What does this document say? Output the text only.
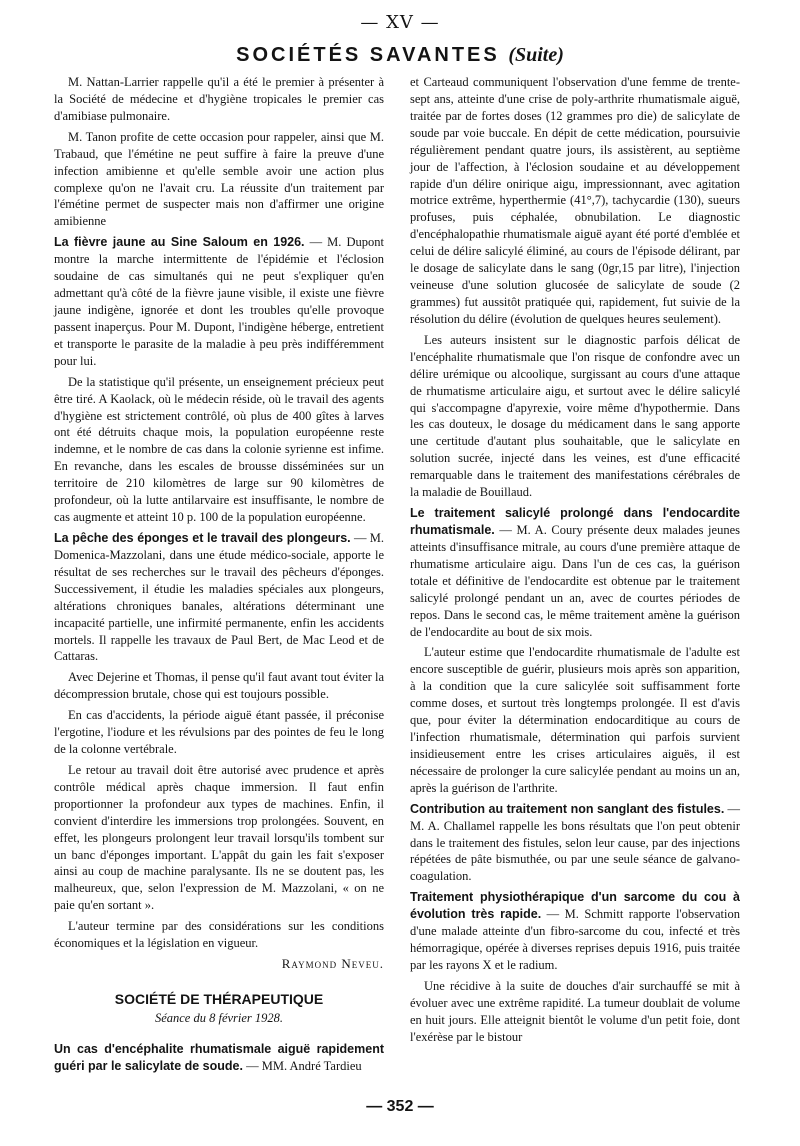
— XV —
SOCIÉTÉS SAVANTES (Suite)

M. Nattan-Larrier rappelle qu'il a été le premier à présenter à la Société de médecine et d'hygiène tropicales le premier cas d'amibiase pulmonaire.

M. Tanon profite de cette occasion pour rappeler, ainsi que M. Trabaud, que l'émétine ne peut suffire à faire la preuve d'une infection amibienne et qu'elle semble avoir une action plus complexe qu'on ne l'avait cru. La réussite d'un traitement par l'émétine permet de suspecter mais non d'affirmer une origine amibienne

La fièvre jaune au Sine Saloum en 1926. — M. Dupont montre la marche intermittente de l'épidémie et l'éclosion soudaine de cas simultanés qui ne peut s'expliquer qu'en admettant qu'à côté de la fièvre jaune visible, il existe une fièvre jaune indigène, ignorée et dont les troubles qu'elle provoque passent inaperçus. Pour M. Dupont, l'indigène héberge, entretient et transporte le parasite de la maladie à peu près indifféremment pour lui.

De la statistique qu'il présente, un enseignement précieux peut être tiré. A Kaolack, où le médecin réside, où le travail des agents d'hygiène est strictement contrôlé, où plus de 400 gîtes à larves ont été détruits chaque mois, la population européenne reste indemne, et le nombre de cas dans la colonie syrienne est infime. En revanche, dans les escales de brousse disséminées sur un territoire de 210 kilomètres de large sur 90 kilomètres de profondeur, où la lutte antilarvaire est insuffisante, le nombre de cas augmente et atteint 10 p. 100 de la population européenne.

La pêche des éponges et le travail des plongeurs. — M. Domenica-Mazzolani, dans une étude médico-sociale, apporte le résultat de ses recherches sur le travail des pêcheurs d'éponges. Successivement, il étudie les maladies spéciales aux plongeurs, altérations chroniques banales, altérations déterminant une incapacité partielle, une infirmité permanente, enfin les accidents mortels. Il rappelle les travaux de Paul Bert, de Mac Leod et de Cattaras.

Avec Dejerine et Thomas, il pense qu'il faut avant tout éviter la décompression brutale, chose qui est toujours possible.

En cas d'accidents, la période aiguë étant passée, il préconise l'ergotine, l'iodure et les révulsions par des pointes de feu le long de la colonne vertébrale.

Le retour au travail doit être autorisé avec prudence et après contrôle médical après chaque immersion. Il faut enfin proportionner la profondeur aux types de machines. Enfin, il convient d'interdire les immersions trop prolongées. Souvent, en effet, les plongeurs prolongent leur travail lorsqu'ils tombent sur un banc d'éponges important. L'appât du gain les fait s'exposer ainsi au coup de machine paralysante. Ils ne se doutent pas, les malheureux, que, selon l'expression de M. Mazzolani, « on ne paie qu'en sortant ».

L'auteur termine par des considérations sur les conditions économiques et la législation en vigueur.

Raymond Neveu.
SOCIÉTÉ DE THÉRAPEUTIQUE
Séance du 8 février 1928.

Un cas d'encéphalite rhumatismale aiguë rapidement guéri par le salicylate de soude. — MM. André Tardieu

et Carteaud communiquent l'observation d'une femme de trente-sept ans, atteinte d'une crise de poly-arthrite rhumatismale aiguë, traitée par de fortes doses (12 grammes pro die) de salicylate de soude par voie buccale. En dépit de cette médication, poursuivie régulièrement pendant quatre jours, ils assistèrent, au septième jour de l'affection, à l'éclosion soudaine et au développement rapide d'un délire onirique aigu, impressionnant, avec agitation motrice extrême, hyperthermie (41°,7), tachycardie (130), sueurs profuses, puis céphalée, obnubilation. Le diagnostic d'encéphalopathie rhumatismale aiguë ayant été porté d'emblée et celui de délire salicylé éliminé, au cours de l'épisode délirant, par le dosage de salicylate dans le sang (0gr,15 par litre), l'injection veineuse d'une solution glucosée de salicylate de soude (2 grammes) fut aussitôt pratiquée qui, rapidement, fut suivie de la résolution du délire (évolution de quelques heures seulement).

Les auteurs insistent sur le diagnostic parfois délicat de l'encéphalite rhumatismale que l'on risque de confondre avec un délire urémique ou alcoolique, surgissant au cours d'une attaque de rhumatisme articulaire aigu, et surtout avec le délire salicylé qui s'accompagne d'apyrexie, voire même d'hypothermie. Dans les cas douteux, le dosage du médicament dans le sang apporte une certitude d'autant plus souhaitable, que le salicylate en solution sucrée, injecté dans les veines, est d'une efficacité remarquable dans le traitement des manifestations cérébrales de la maladie de Bouillaud.

Le traitement salicylé prolongé dans l'endocardite rhumatismale. — M. A. Coury présente deux malades jeunes atteints d'insuffisance mitrale, au cours d'une première attaque de rhumatisme articulaire aigu. Dans l'un de ces cas, la guérison totale et définitive de l'endocardite est obtenue par le traitement salicylé prolongé pendant un an, avec de courtes périodes de repos. Dans le second cas, le même traitement amène la guérison de l'endocardite au bout de six mois.

L'auteur estime que l'endocardite rhumatismale de l'adulte est encore susceptible de guérir, plusieurs mois après son apparition, à la condition que la cure salicylée soit suffisamment forte comme doses, et surtout très longtemps prolongée. Il est d'avis que, pour éviter la détermination endocarditique au cours de l'infection rhumatismale, détermination qui parfois survient insidieusement entre les crises articulaires aiguës, il est nécessaire de prolonger la cure salicylée pendant au moins un an, après la guérison de l'arthrite.

Contribution au traitement non sanglant des fistules. — M. A. Challamel rappelle les bons résultats que l'on peut obtenir dans le traitement des fistules, selon leur cause, par des injections répétées de pâte bismuthée, ou par une seule séance de galvano-coagulation.

Traitement physiothérapique d'un sarcome du cou à évolution très rapide. — M. Schmitt rapporte l'observation d'une malade atteinte d'un fibro-sarcome du cou, infecté et très hémorragique, opérée à diverses reprises depuis 1916, puis traitée par les rayons X et le radium.

Une récidive à la suite de douches d'air surchauffé se mit à évoluer avec une extrême rapidité. La tumeur doublait de volume en huit jours. Elle atteignit bientôt le volume d'un petit foie, dont l'exérèse par le bistour

— 352 —
